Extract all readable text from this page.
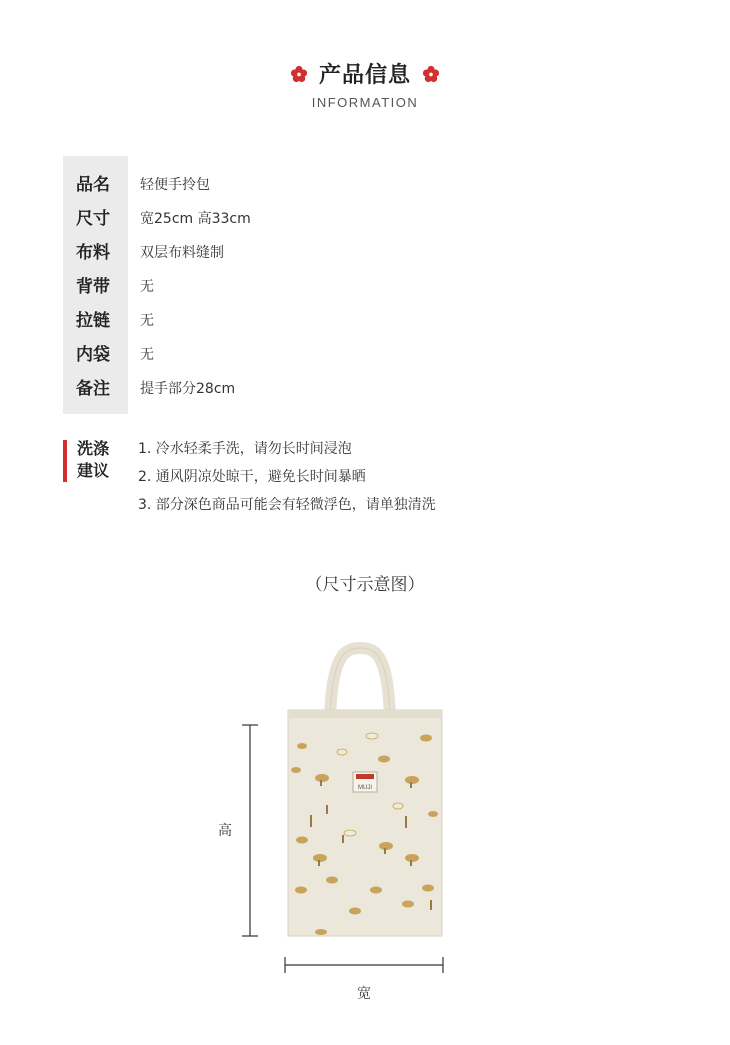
产品信息
INFORMATION
品名 轻便手拎包
尺寸 宽25cm 高33cm
布料 双层布料缝制
背带 无
拉链 无
内袋 无
备注 提手部分28cm
洗涤
建议
1. 冷水轻柔手洗，请勿长时间浸泡
2. 通风阴凉处晾干，避免长时间暴晒
3. 部分深色商品可能会有轻微浮色，请单独清洗
（尺寸示意图）
MUJI
高
宽
